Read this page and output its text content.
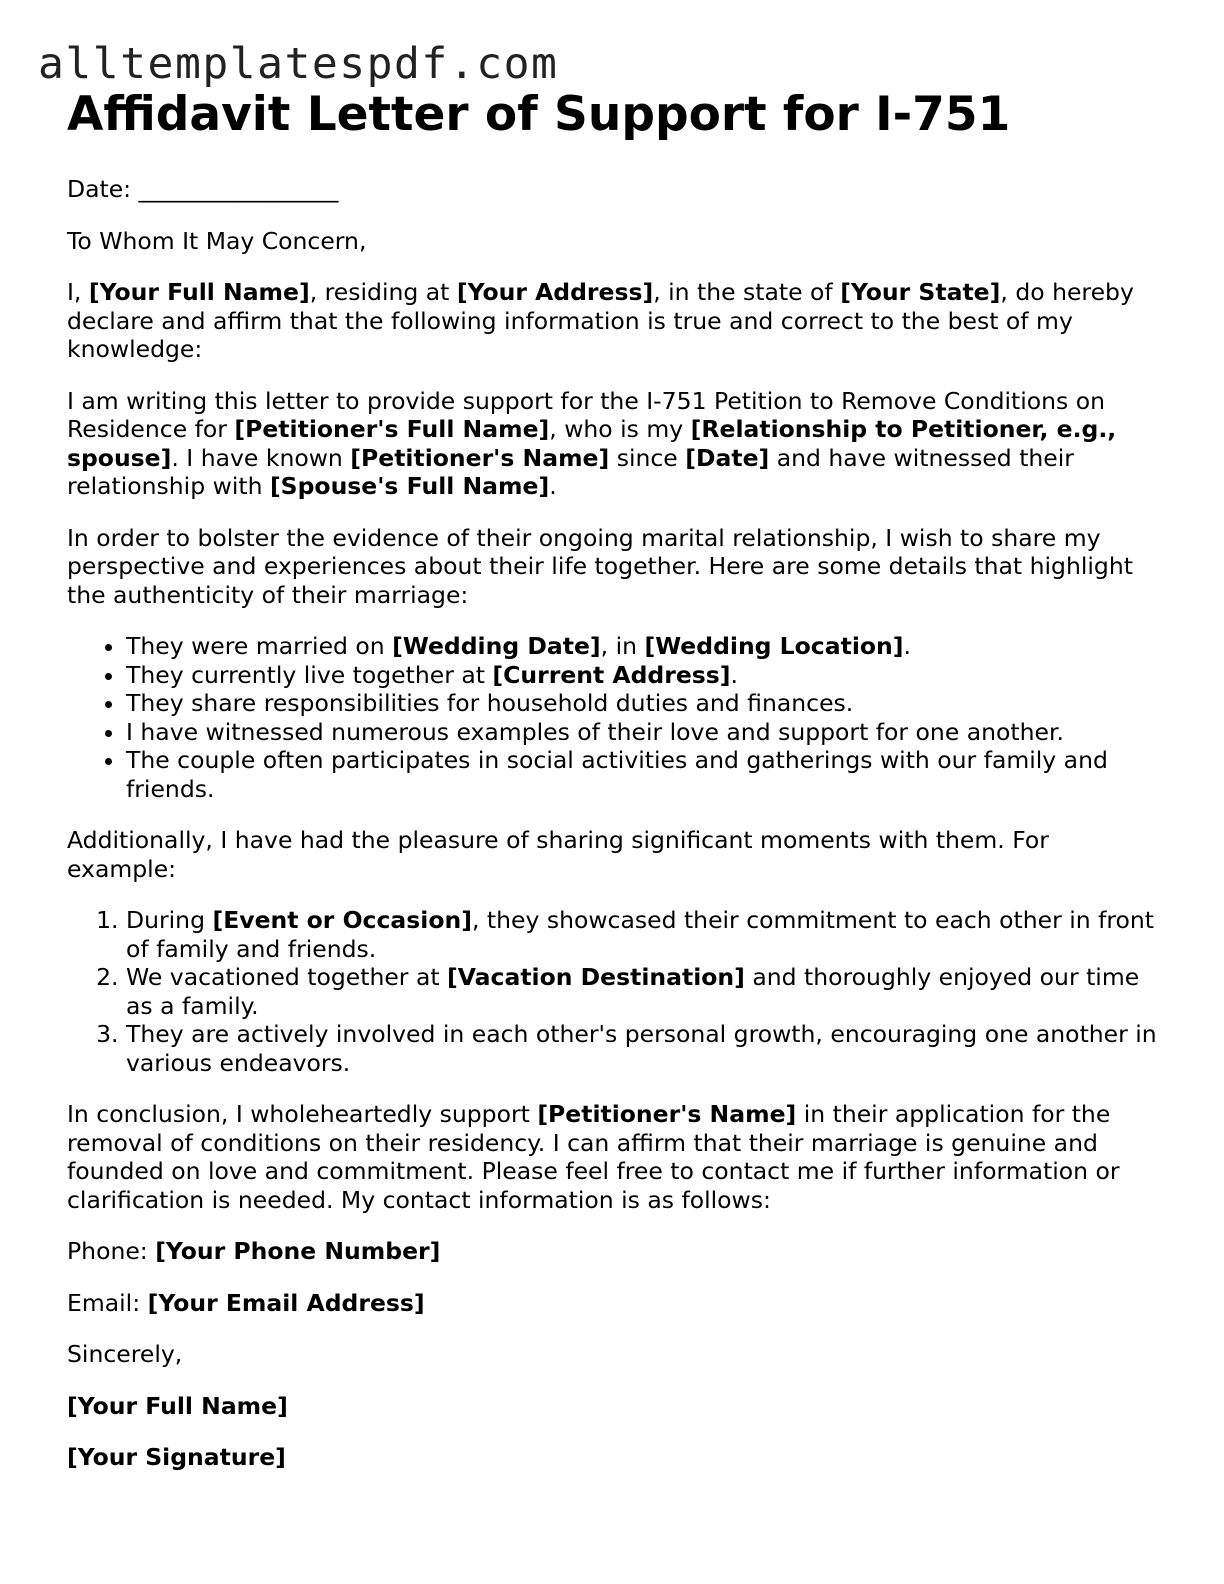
alltemplatespdf.com
Affidavit Letter of Support for I-751

Date: _________________

To Whom It May Concern,

I, [Your Full Name], residing at [Your Address], in the state of [Your State], do hereby declare and affirm that the following information is true and correct to the best of my knowledge:

I am writing this letter to provide support for the I-751 Petition to Remove Conditions on Residence for [Petitioner's Full Name], who is my [Relationship to Petitioner, e.g., spouse]. I have known [Petitioner's Name] since [Date] and have witnessed their relationship with [Spouse's Full Name].

In order to bolster the evidence of their ongoing marital relationship, I wish to share my perspective and experiences about their life together. Here are some details that highlight the authenticity of their marriage:

• They were married on [Wedding Date], in [Wedding Location].
• They currently live together at [Current Address].
• They share responsibilities for household duties and finances.
• I have witnessed numerous examples of their love and support for one another.
• The couple often participates in social activities and gatherings with our family and friends.

Additionally, I have had the pleasure of sharing significant moments with them. For example:

1. During [Event or Occasion], they showcased their commitment to each other in front of family and friends.
2. We vacationed together at [Vacation Destination] and thoroughly enjoyed our time as a family.
3. They are actively involved in each other's personal growth, encouraging one another in various endeavors.

In conclusion, I wholeheartedly support [Petitioner's Name] in their application for the removal of conditions on their residency. I can affirm that their marriage is genuine and founded on love and commitment. Please feel free to contact me if further information or clarification is needed. My contact information is as follows:

Phone: [Your Phone Number]

Email: [Your Email Address]

Sincerely,

[Your Full Name]

[Your Signature]
